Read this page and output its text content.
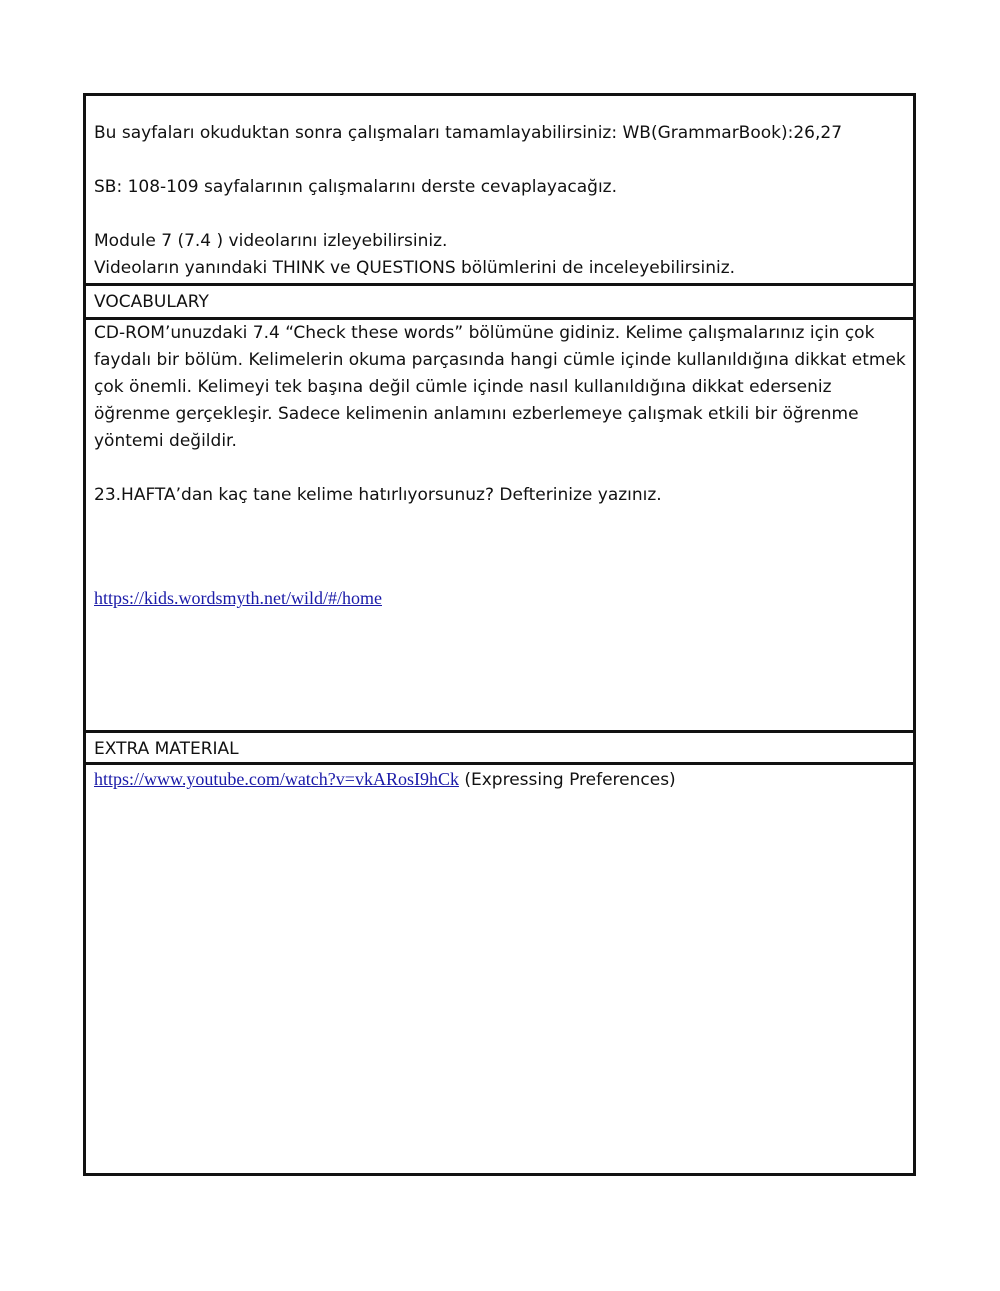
Bu sayfaları okuduktan sonra çalışmaları tamamlayabilirsiniz: WB(GrammarBook):26,27
SB: 108-109 sayfalarının çalışmalarını derste cevaplayacağız.
Module 7 (7.4 ) videolarını izleyebilirsiniz.
Videoların yanındaki THINK ve QUESTIONS bölümlerini de inceleyebilirsiniz.
VOCABULARY
CD-ROM’unuzdaki 7.4 “Check these words” bölümüne gidiniz. Kelime çalışmalarınız için çok faydalı bir bölüm. Kelimelerin okuma parçasında hangi cümle içinde kullanıldığına dikkat etmek çok önemli. Kelimeyi tek başına değil cümle içinde nasıl kullanıldığına dikkat ederseniz öğrenme gerçekleşir. Sadece kelimenin anlamını ezberlemeye çalışmak etkili bir öğrenme yöntemi değildir.
23.HAFTA’dan kaç tane kelime hatırlıyorsunuz? Defterinize yazınız.
https://kids.wordsmyth.net/wild/#/home
EXTRA MATERIAL
https://www.youtube.com/watch?v=vkARosI9hCk (Expressing Preferences)
